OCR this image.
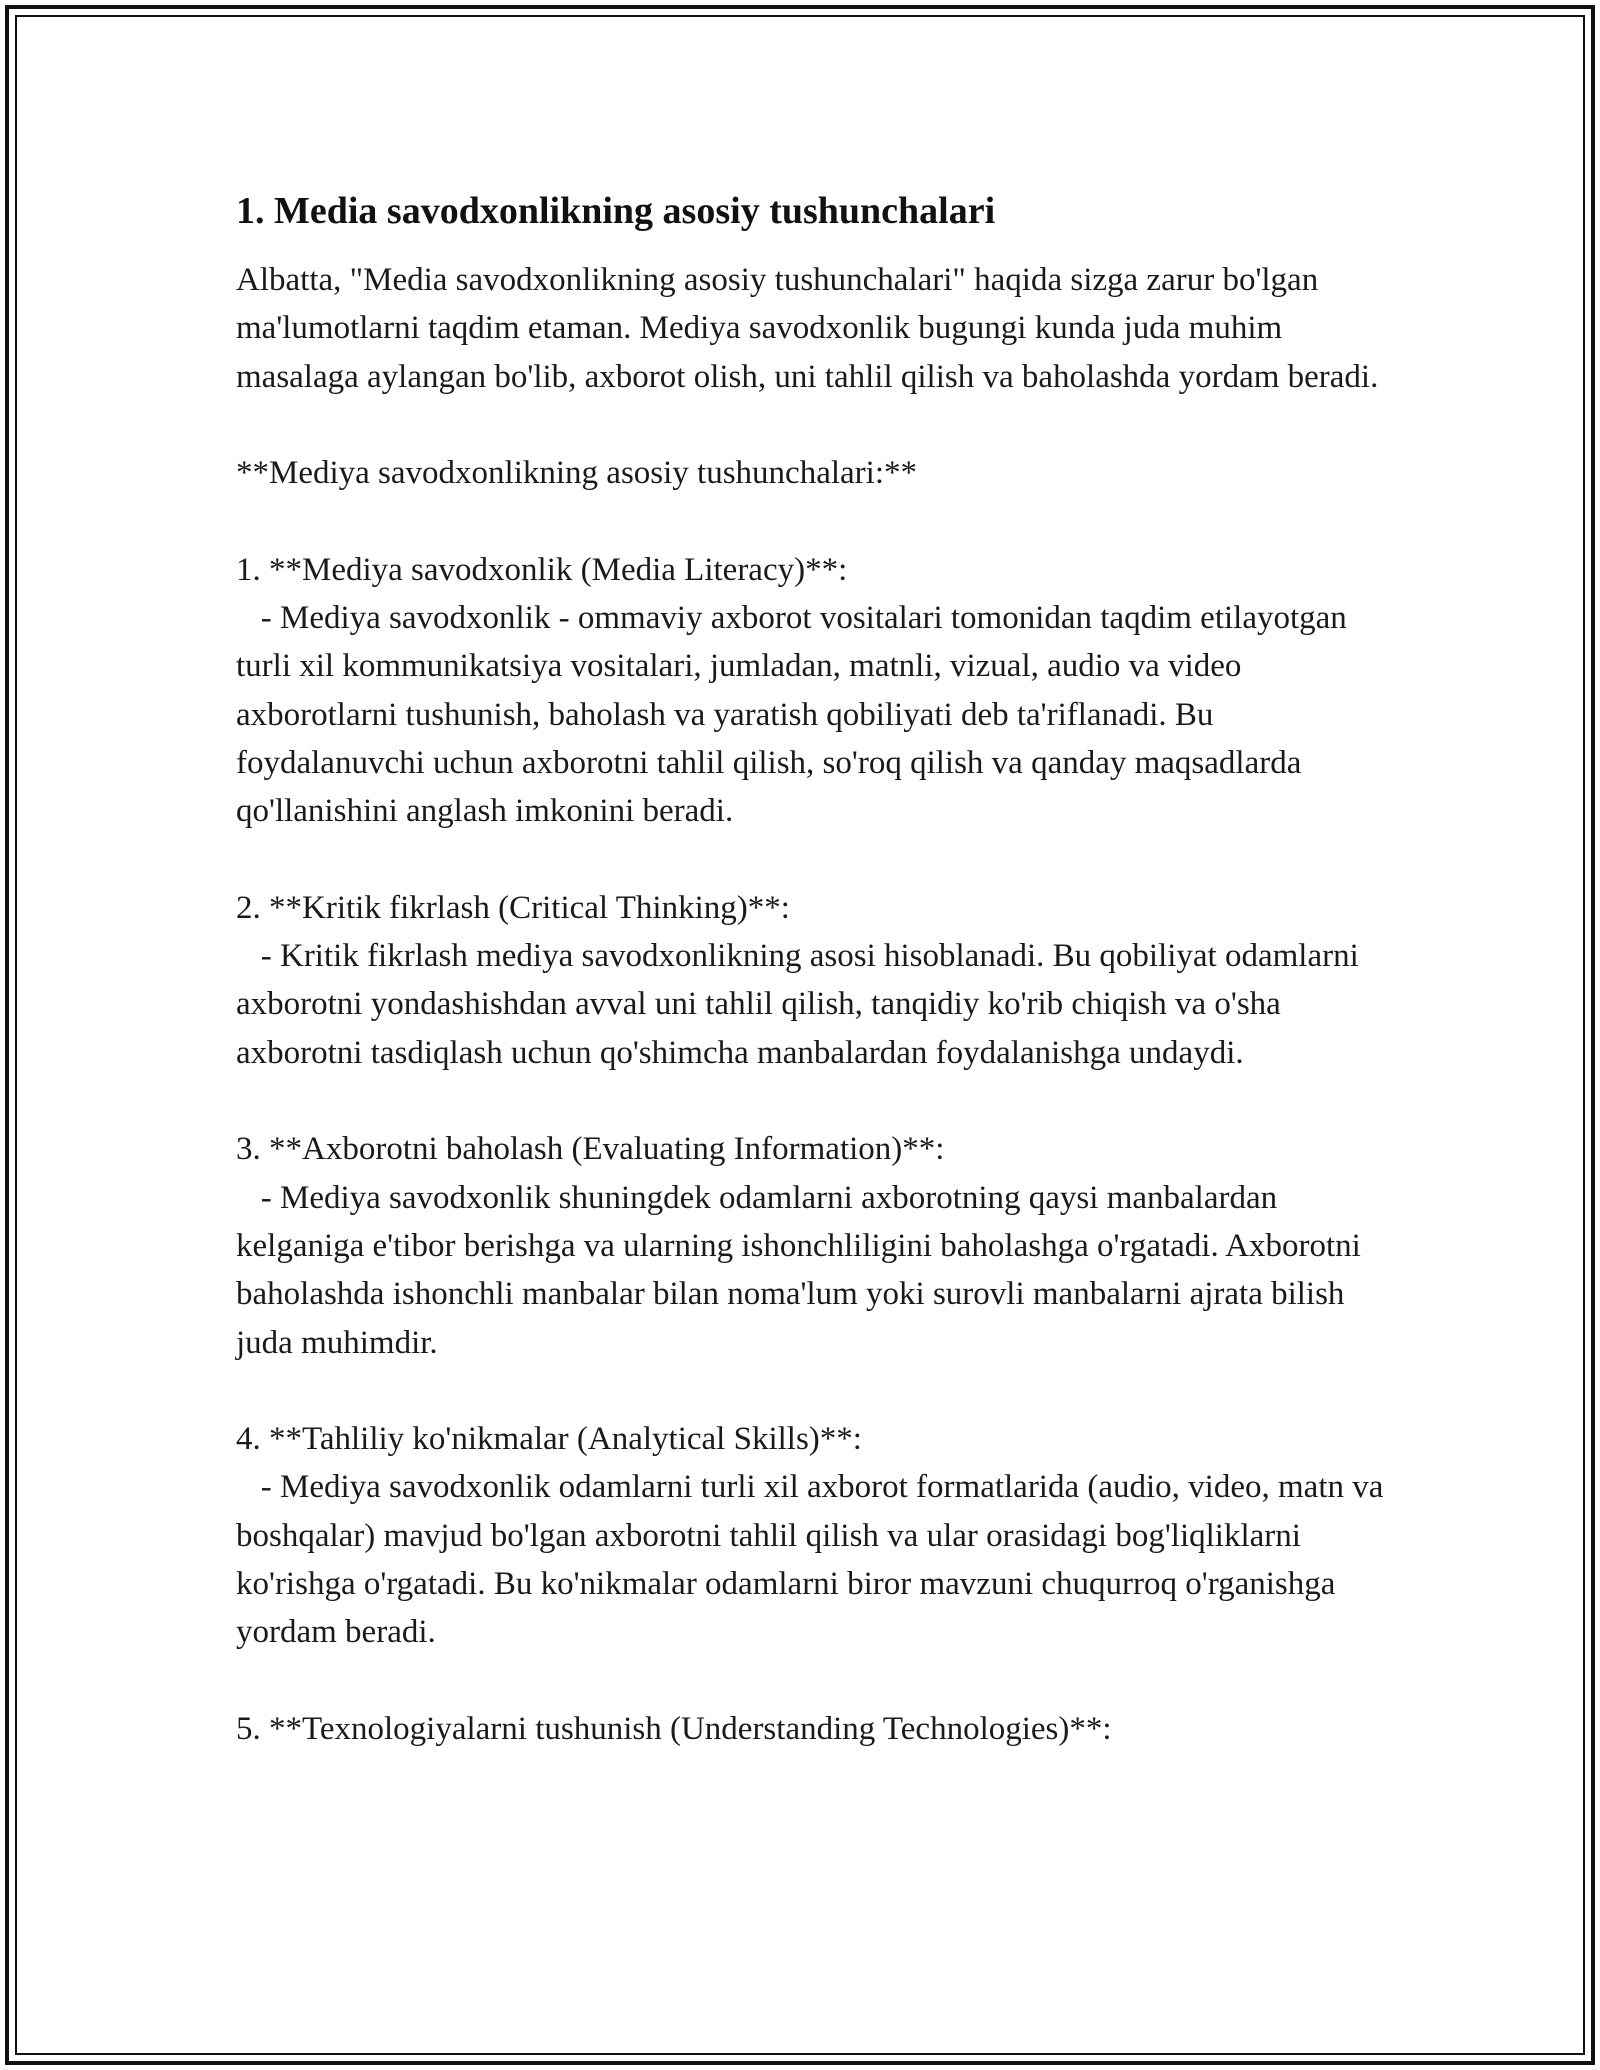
1. Media savodxonlikning asosiy tushunchalari

Albatta, "Media savodxonlikning asosiy tushunchalari" haqida sizga zarur bo'lgan ma'lumotlarni taqdim etaman. Mediya savodxonlik bugungi kunda juda muhim masalaga aylangan bo'lib, axborot olish, uni tahlil qilish va baholashda yordam beradi.

**Mediya savodxonlikning asosiy tushunchalari:**

1. **Mediya savodxonlik (Media Literacy)**:

- Mediya savodxonlik - ommaviy axborot vositalari tomonidan taqdim etilayotgan turli xil kommunikatsiya vositalari, jumladan, matnli, vizual, audio va video axborotlarni tushunish, baholash va yaratish qobiliyati deb ta'riflanadi. Bu foydalanuvchi uchun axborotni tahlil qilish, so'roq qilish va qanday maqsadlarda qo'llanishini anglash imkonini beradi.

2. **Kritik fikrlash (Critical Thinking)**:

- Kritik fikrlash mediya savodxonlikning asosi hisoblanadi. Bu qobiliyat odamlarni axborotni yondashishdan avval uni tahlil qilish, tanqidiy ko'rib chiqish va o'sha axborotni tasdiqlash uchun qo'shimcha manbalardan foydalanishga undaydi.

3. **Axborotni baholash (Evaluating Information)**:

- Mediya savodxonlik shuningdek odamlarni axborotning qaysi manbalardan kelganiga e'tibor berishga va ularning ishonchliligini baholashga o'rgatadi. Axborotni baholashda ishonchli manbalar bilan noma'lum yoki surovli manbalarni ajrata bilish juda muhimdir.

4. **Tahliliy ko'nikmalar (Analytical Skills)**:

- Mediya savodxonlik odamlarni turli xil axborot formatlarida (audio, video, matn va boshqalar) mavjud bo'lgan axborotni tahlil qilish va ular orasidagi bog'liqliklarni ko'rishga o'rgatadi. Bu ko'nikmalar odamlarni biror mavzuni chuqurroq o'rganishga yordam beradi.

5. **Texnologiyalarni tushunish (Understanding Technologies)**:
